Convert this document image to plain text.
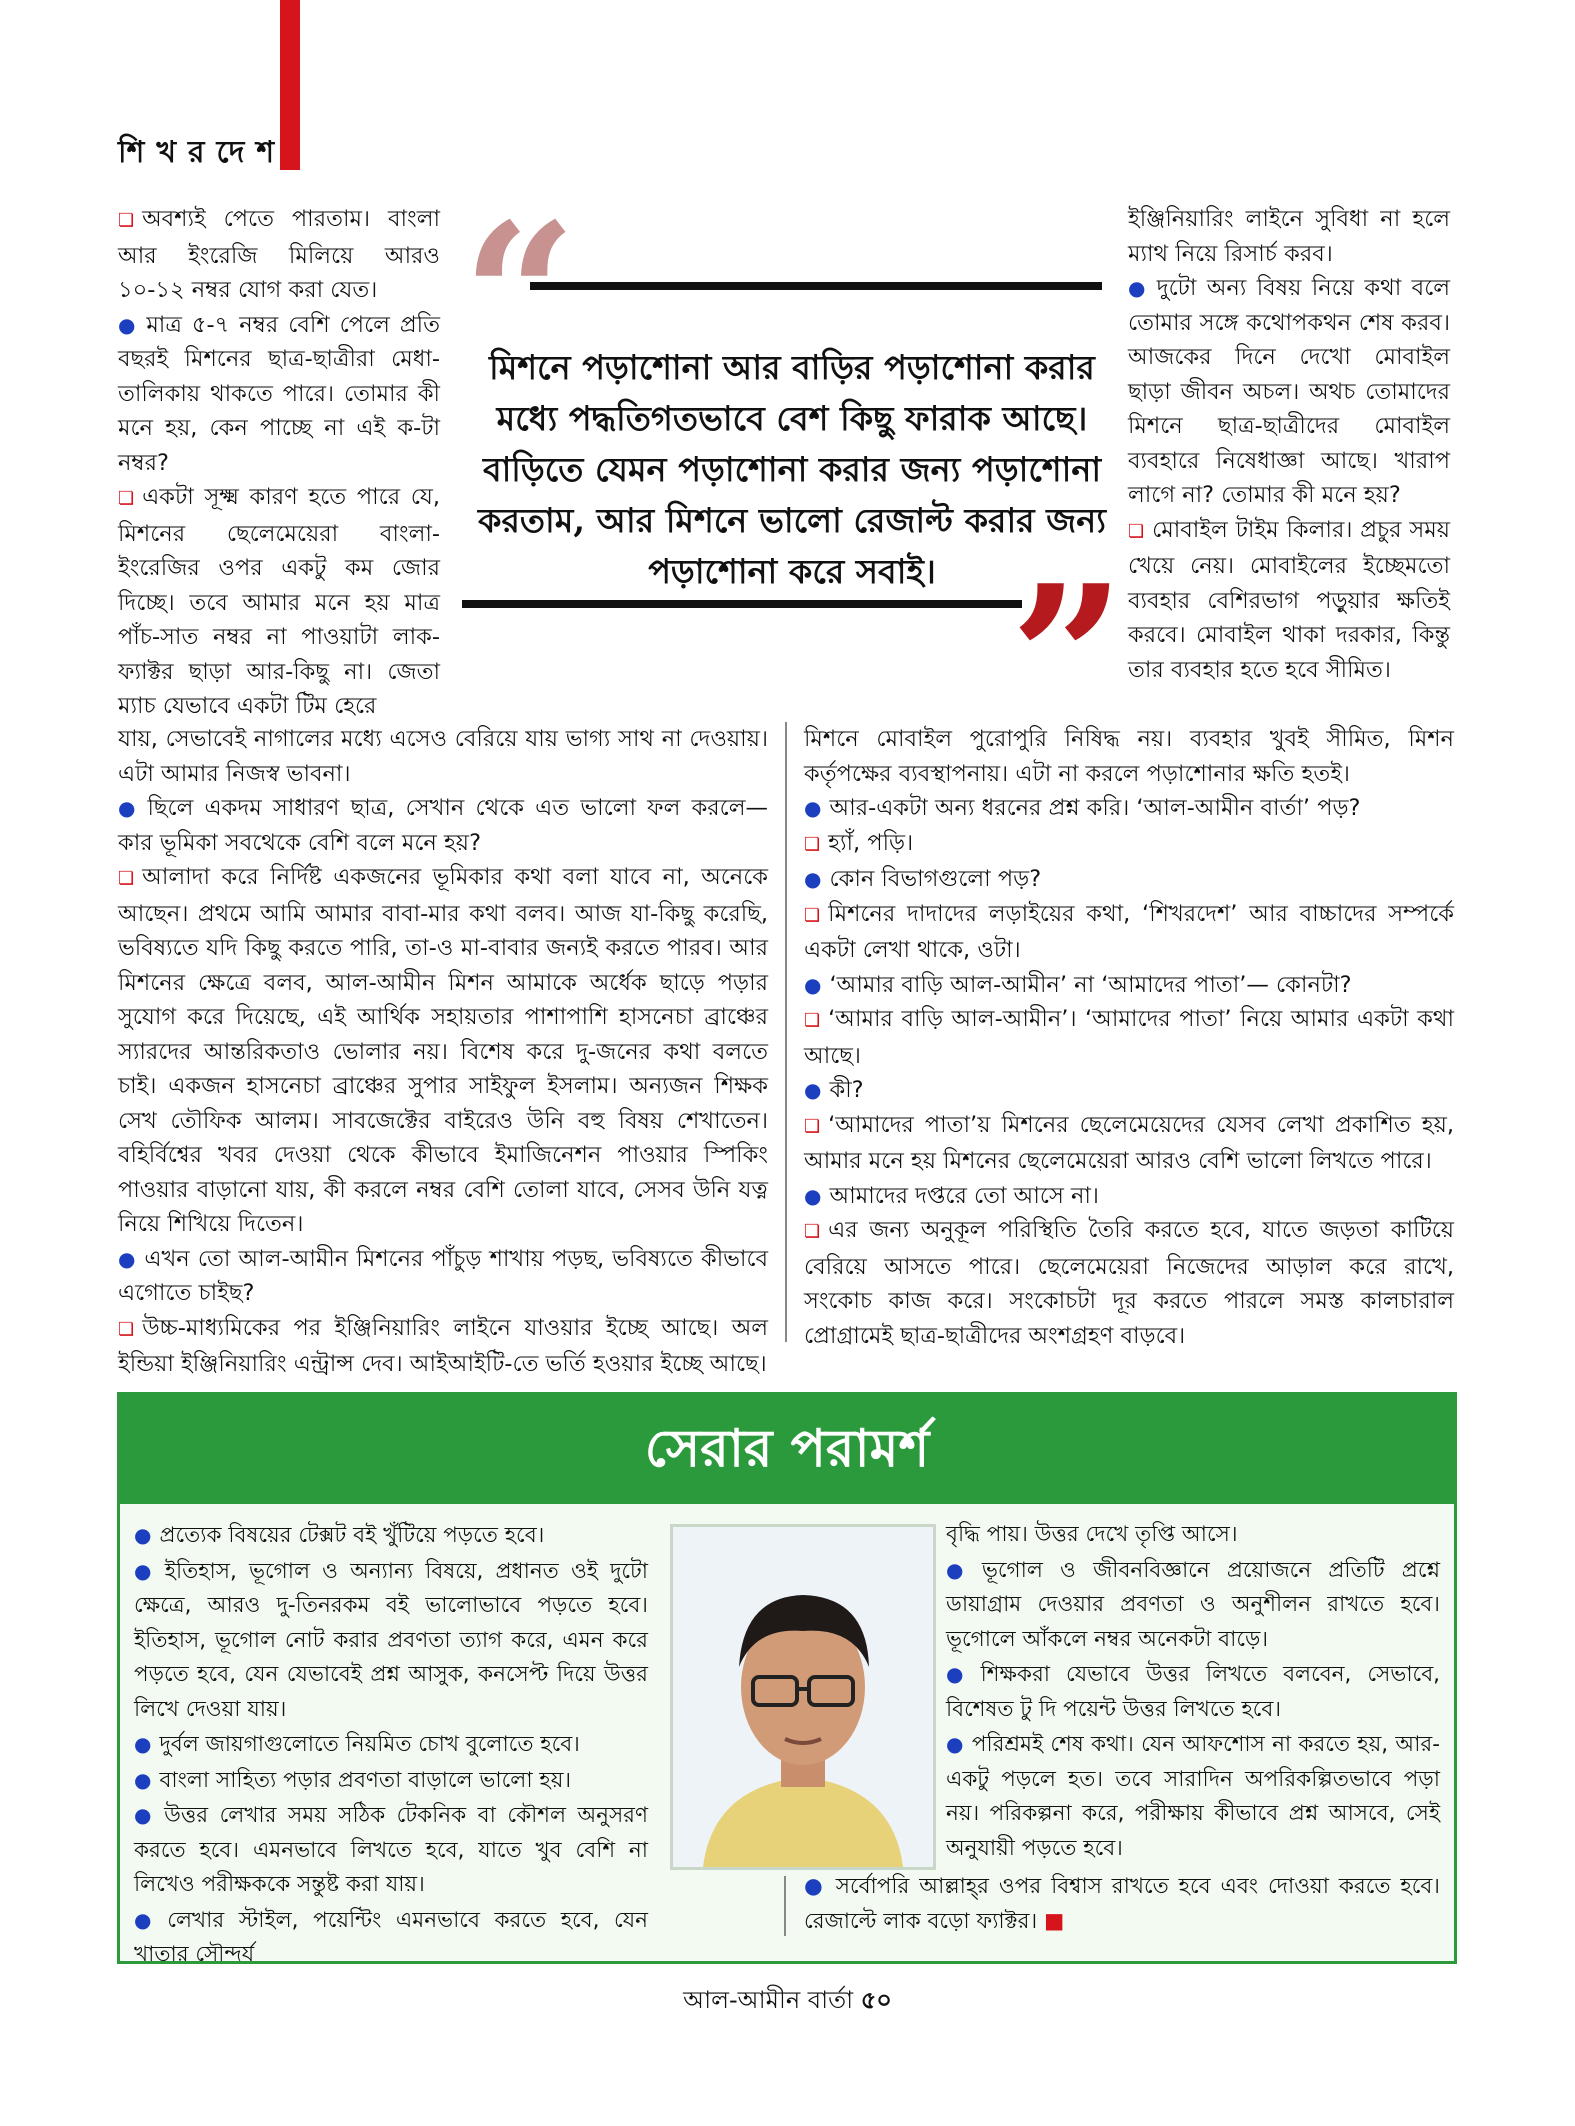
শিখরদেশ

❏ অবশ্যই পেতে পারতাম। বাংলা আর ইংরেজি মিলিয়ে আরও ১০-১২ নম্বর যোগ করা যেত।

● মাত্র ৫-৭ নম্বর বেশি পেলে প্রতি বছরই মিশনের ছাত্র-ছাত্রীরা মেধা-তালিকায় থাকতে পারে। তোমার কী মনে হয়, কেন পাচ্ছে না এই ক-টা নম্বর?

❏ একটা সূক্ষ্ম কারণ হতে পারে যে, মিশনের ছেলেমেয়েরা বাংলা-ইংরেজির ওপর একটু কম জোর দিচ্ছে। তবে আমার মনে হয় মাত্র পাঁচ-সাত নম্বর না পাওয়াটা লাক-ফ্যাক্টর ছাড়া আর-কিছু না। জেতা ম্যাচ যেভাবে একটা টিম হেরে

“
”
মিশনে পড়াশোনা আর বাড়ির পড়াশোনা করার মধ্যে পদ্ধতিগতভাবে বেশ কিছু ফারাক আছে। বাড়িতে যেমন পড়াশোনা করার জন্য পড়াশোনা করতাম, আর মিশনে ভালো রেজাল্ট করার জন্য পড়াশোনা করে সবাই।

ইঞ্জিনিয়ারিং লাইনে সুবিধা না হলে ম্যাথ নিয়ে রিসার্চ করব।

● দুটো অন্য বিষয় নিয়ে কথা বলে তোমার সঙ্গে কথোপকথন শেষ করব। আজকের দিনে দেখো মোবাইল ছাড়া জীবন অচল। অথচ তোমাদের মিশনে ছাত্র-ছাত্রীদের মোবাইল ব্যবহারে নিষেধাজ্ঞা আছে। খারাপ লাগে না? তোমার কী মনে হয়?

❏ মোবাইল টাইম কিলার। প্রচুর সময় খেয়ে নেয়। মোবাইলের ইচ্ছেমতো ব্যবহার বেশিরভাগ পড়ুয়ার ক্ষতিই করবে। মোবাইল থাকা দরকার, কিন্তু তার ব্যবহার হতে হবে সীমিত।

যায়, সেভাবেই নাগালের মধ্যে এসেও বেরিয়ে যায় ভাগ্য সাথ না দেওয়ায়। এটা আমার নিজস্ব ভাবনা।

● ছিলে একদম সাধারণ ছাত্র, সেখান থেকে এত ভালো ফল করলে— কার ভূমিকা সবথেকে বেশি বলে মনে হয়?

❏ আলাদা করে নির্দিষ্ট একজনের ভূমিকার কথা বলা যাবে না, অনেকে আছেন। প্রথমে আমি আমার বাবা-মার কথা বলব। আজ যা-কিছু করেছি, ভবিষ্যতে যদি কিছু করতে পারি, তা-ও মা-বাবার জন্যই করতে পারব। আর মিশনের ক্ষেত্রে বলব, আল-আমীন মিশন আমাকে অর্ধেক ছাড়ে পড়ার সুযোগ করে দিয়েছে, এই আর্থিক সহায়তার পাশাপাশি হাসনেচা ব্রাঞ্চের স্যারদের আন্তরিকতাও ভোলার নয়। বিশেষ করে দু-জনের কথা বলতে চাই। একজন হাসনেচা ব্রাঞ্চের সুপার সাইফুল ইসলাম। অন্যজন শিক্ষক সেখ তৌফিক আলম। সাবজেক্টের বাইরেও উনি বহু বিষয় শেখাতেন। বহির্বিশ্বের খবর দেওয়া থেকে কীভাবে ইমাজিনেশন পাওয়ার স্পিকিং পাওয়ার বাড়ানো যায়, কী করলে নম্বর বেশি তোলা যাবে, সেসব উনি যত্ন নিয়ে শিখিয়ে দিতেন।

● এখন তো আল-আমীন মিশনের পাঁচুড় শাখায় পড়ছ, ভবিষ্যতে কীভাবে এগোতে চাইছ?

❏ উচ্চ-মাধ্যমিকের পর ইঞ্জিনিয়ারিং লাইনে যাওয়ার ইচ্ছে আছে। অল ইন্ডিয়া ইঞ্জিনিয়ারিং এন্ট্রান্স দেব। আইআইটি-তে ভর্তি হওয়ার ইচ্ছে আছে।

মিশনে মোবাইল পুরোপুরি নিষিদ্ধ নয়। ব্যবহার খুবই সীমিত, মিশন কর্তৃপক্ষের ব্যবস্থাপনায়। এটা না করলে পড়াশোনার ক্ষতি হতই।

● আর-একটা অন্য ধরনের প্রশ্ন করি। ‘আল-আমীন বার্তা’ পড়?

❏ হ্যাঁ, পড়ি।

● কোন বিভাগগুলো পড়?

❏ মিশনের দাদাদের লড়াইয়ের কথা, ‘শিখরদেশ’ আর বাচ্চাদের সম্পর্কে একটা লেখা থাকে, ওটা।

● ‘আমার বাড়ি আল-আমীন’ না ‘আমাদের পাতা’— কোনটা?

❏ ‘আমার বাড়ি আল-আমীন’। ‘আমাদের পাতা’ নিয়ে আমার একটা কথা আছে।

● কী?

❏ ‘আমাদের পাতা’য় মিশনের ছেলেমেয়েদের যেসব লেখা প্রকাশিত হয়, আমার মনে হয় মিশনের ছেলেমেয়েরা আরও বেশি ভালো লিখতে পারে।

● আমাদের দপ্তরে তো আসে না।

❏ এর জন্য অনুকূল পরিস্থিতি তৈরি করতে হবে, যাতে জড়তা কাটিয়ে বেরিয়ে আসতে পারে। ছেলেমেয়েরা নিজেদের আড়াল করে রাখে, সংকোচ কাজ করে। সংকোচটা দূর করতে পারলে সমস্ত কালচারাল প্রোগ্রামেই ছাত্র-ছাত্রীদের অংশগ্রহণ বাড়বে।

সেরার পরামর্শ

● প্রত্যেক বিষয়ের টেক্সট বই খুঁটিয়ে পড়তে হবে।

● ইতিহাস, ভূগোল ও অন্যান্য বিষয়ে, প্রধানত ওই দুটো ক্ষেত্রে, আরও দু-তিনরকম বই ভালোভাবে পড়তে হবে। ইতিহাস, ভূগোল নোট করার প্রবণতা ত্যাগ করে, এমন করে পড়তে হবে, যেন যেভাবেই প্রশ্ন আসুক, কনসেপ্ট দিয়ে উত্তর লিখে দেওয়া যায়।

● দুর্বল জায়গাগুলোতে নিয়মিত চোখ বুলোতে হবে।

● বাংলা সাহিত্য পড়ার প্রবণতা বাড়ালে ভালো হয়।

● উত্তর লেখার সময় সঠিক টেকনিক বা কৌশল অনুসরণ করতে হবে। এমনভাবে লিখতে হবে, যাতে খুব বেশি না লিখেও পরীক্ষককে সন্তুষ্ট করা যায়।

● লেখার স্টাইল, পয়েন্টিং এমনভাবে করতে হবে, যেন খাতার সৌন্দর্য

বৃদ্ধি পায়। উত্তর দেখে তৃপ্তি আসে।

● ভূগোল ও জীবনবিজ্ঞানে প্রয়োজনে প্রতিটি প্রশ্নে ডায়াগ্রাম দেওয়ার প্রবণতা ও অনুশীলন রাখতে হবে। ভূগোলে আঁকলে নম্বর অনেকটা বাড়ে।

● শিক্ষকরা যেভাবে উত্তর লিখতে বলবেন, সেভাবে, বিশেষত টু দি পয়েন্ট উত্তর লিখতে হবে।

● পরিশ্রমই শেষ কথা। যেন আফশোস না করতে হয়, আর-একটু পড়লে হত। তবে সারাদিন অপরিকল্পিতভাবে পড়া নয়। পরিকল্পনা করে, পরীক্ষায় কীভাবে প্রশ্ন আসবে, সেই অনুযায়ী পড়তে হবে।

● সর্বোপরি আল্লাহ্‌র ওপর বিশ্বাস রাখতে হবে এবং দোওয়া করতে হবে। রেজাল্টে লাক বড়ো ফ্যাক্টর। ■

আল-আমীন বার্তা ৫০
